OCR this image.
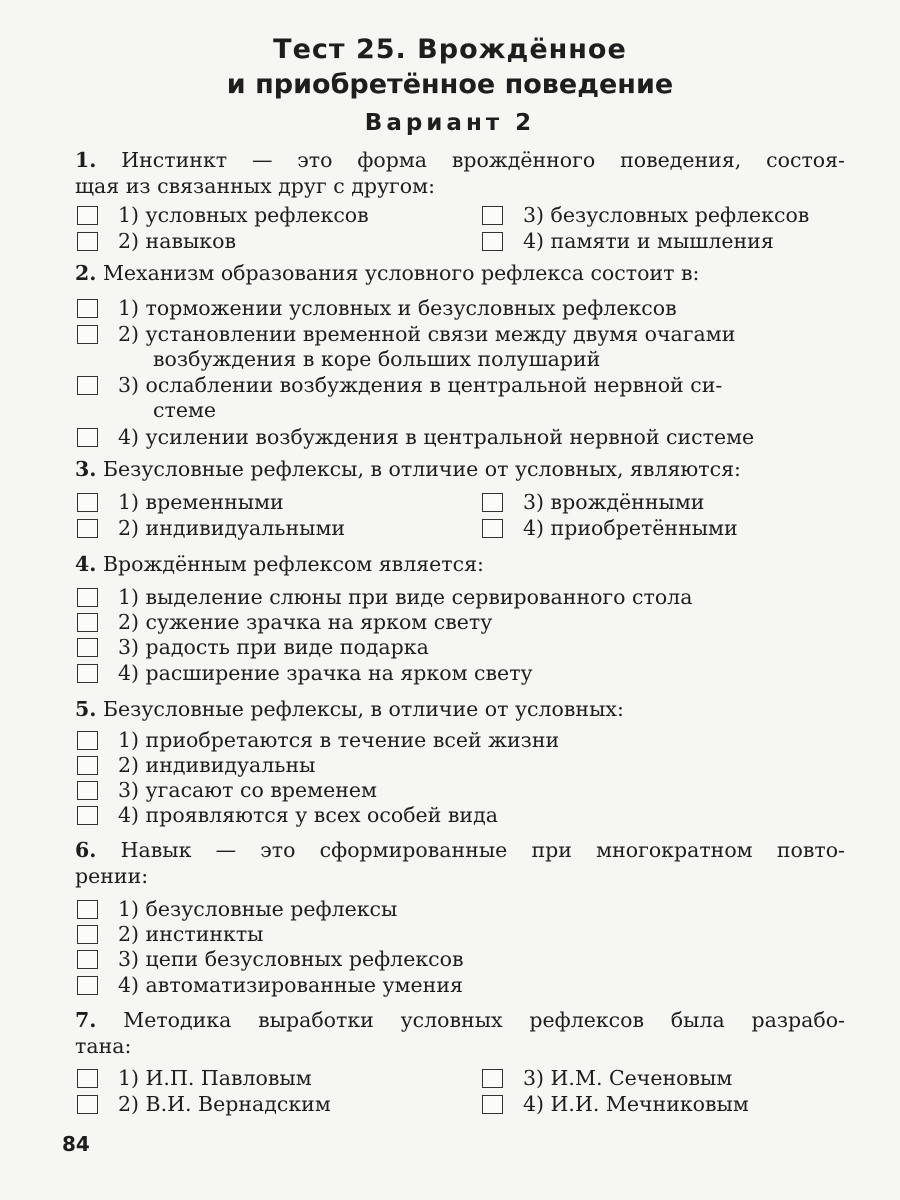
Тест 25. Врождённое
и приобретённое поведение
Вариант 2
1. Инстинкт — это форма врождённого поведения, состоя-
щая из связанных друг с другом:
1) условных рефлексов
2) навыков
3) безусловных рефлексов
4) памяти и мышления
2. Механизм образования условного рефлекса состоит в:
1) торможении условных и безусловных рефлексов
2) установлении временной связи между двумя очагами
возбуждения в коре больших полушарий
3) ослаблении возбуждения в центральной нервной си-
стеме
4) усилении возбуждения в центральной нервной системе
3. Безусловные рефлексы, в отличие от условных, являются:
1) временными
2) индивидуальными
3) врождёнными
4) приобретёнными
4. Врождённым рефлексом является:
1) выделение слюны при виде сервированного стола
2) сужение зрачка на ярком свету
3) радость при виде подарка
4) расширение зрачка на ярком свету
5. Безусловные рефлексы, в отличие от условных:
1) приобретаются в течение всей жизни
2) индивидуальны
3) угасают со временем
4) проявляются у всех особей вида
6. Навык — это сформированные при многократном повто-
рении:
1) безусловные рефлексы
2) инстинкты
3) цепи безусловных рефлексов
4) автоматизированные умения
7. Методика выработки условных рефлексов была разрабо-
тана:
1) И.П. Павловым
2) В.И. Вернадским
3) И.М. Сеченовым
4) И.И. Мечниковым
84
